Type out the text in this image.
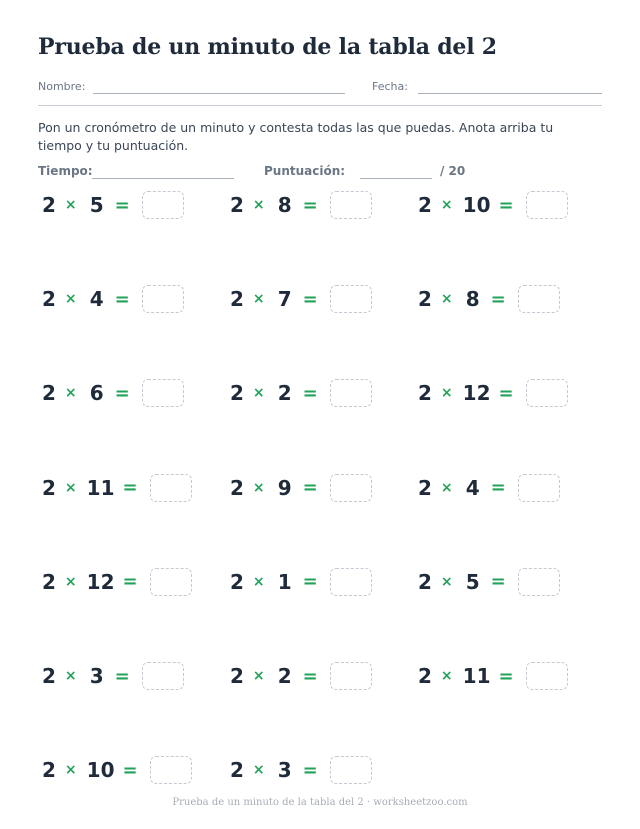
Prueba de un minuto de la tabla del 2
Nombre:	Fecha:

Pon un cronómetro de un minuto y contesta todas las que puedas. Anota arriba tu tiempo y tu puntuación.

Tiempo:	Puntuación:	/ 20
2 × 5 =	2 × 8 =	2 × 10 =
2 × 4 =	2 × 7 =	2 × 8 =
2 × 6 =	2 × 2 =	2 × 12 =
2 × 11 =	2 × 9 =	2 × 4 =
2 × 12 =	2 × 1 =	2 × 5 =
2 × 3 =	2 × 2 =	2 × 11 =
2 × 10 =	2 × 3 =
Prueba de un minuto de la tabla del 2 · worksheetzoo.com
